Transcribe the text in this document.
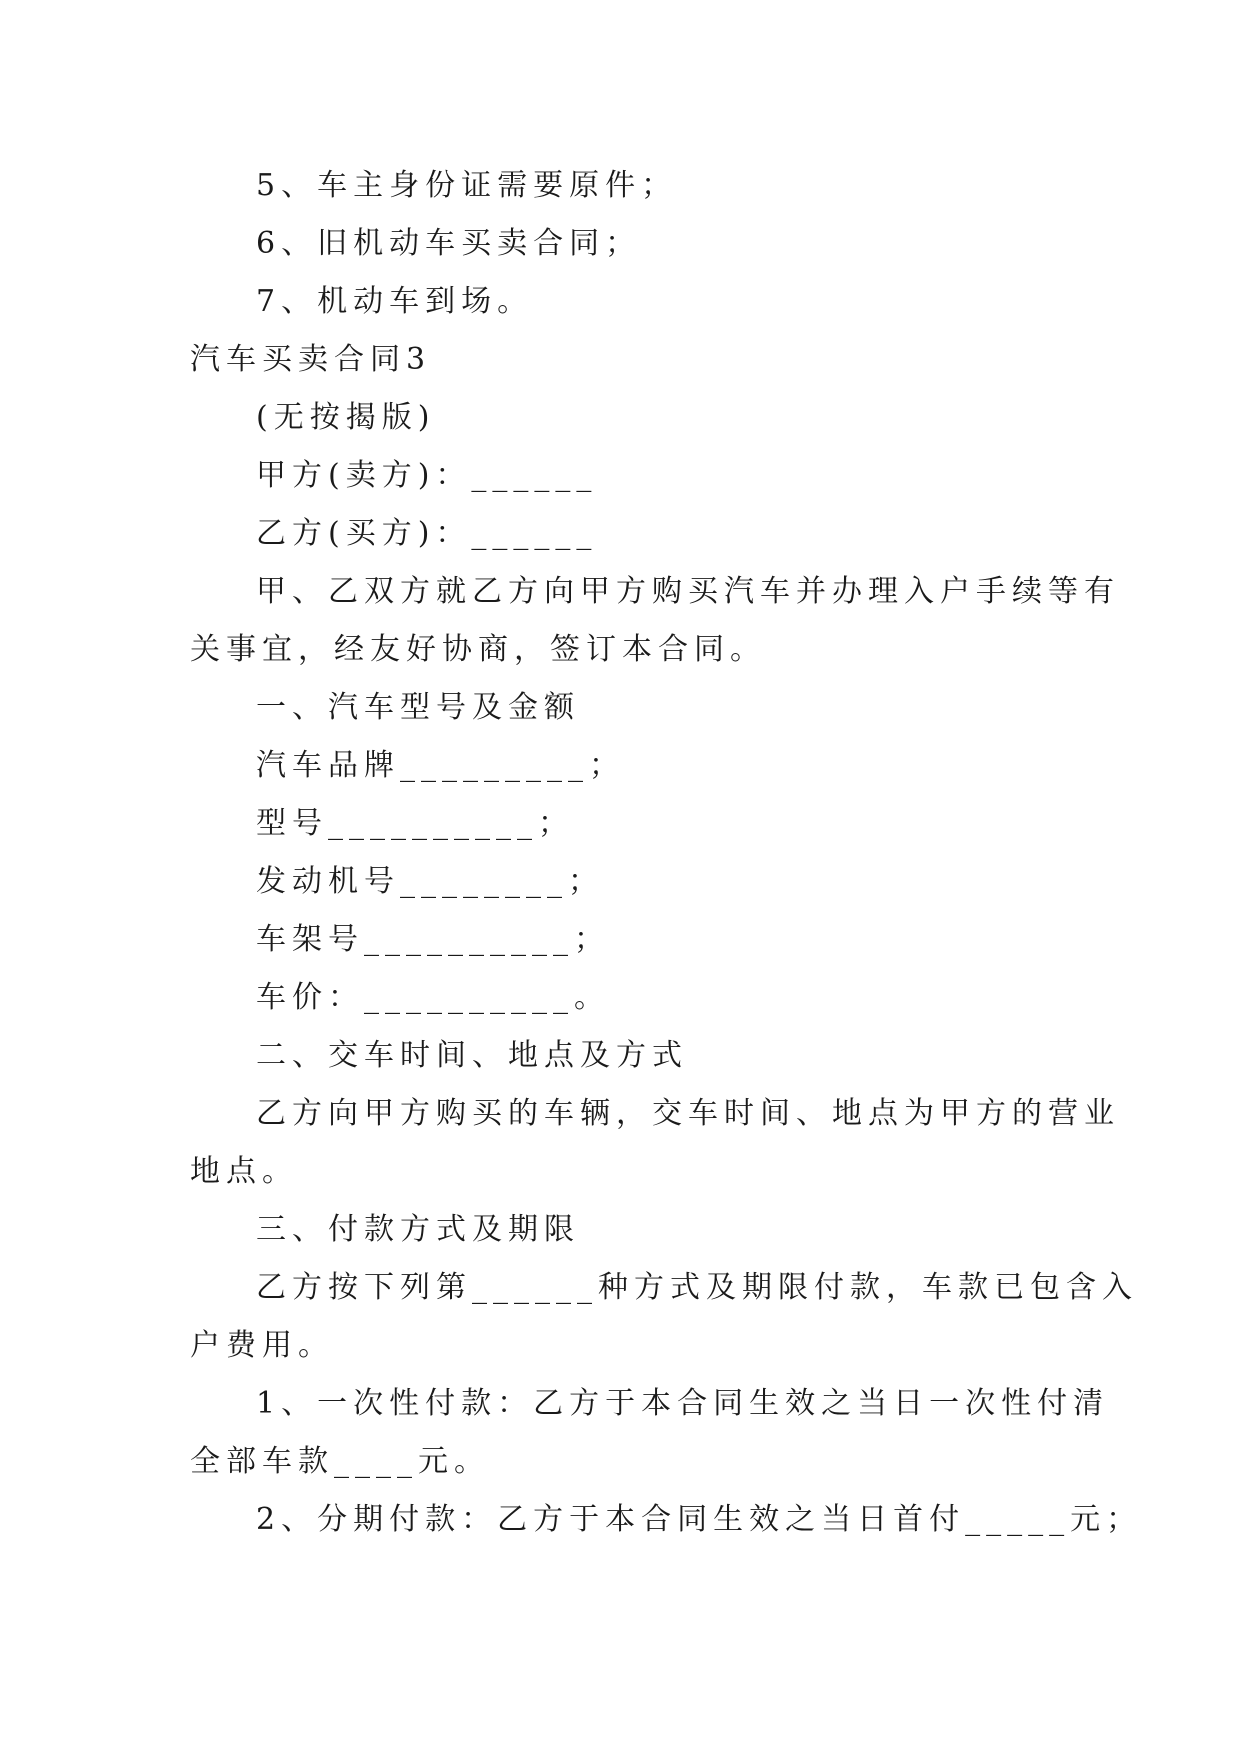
5、车主身份证需要原件；
6、旧机动车买卖合同；
7、机动车到场。
汽车买卖合同3
(无按揭版)
甲方(卖方)：______
乙方(买方)：______
甲、乙双方就乙方向甲方购买汽车并办理入户手续等有
关事宜，经友好协商，签订本合同。
一、汽车型号及金额
汽车品牌_________；
型号__________；
发动机号________；
车架号__________；
车价：__________。
二、交车时间、地点及方式
乙方向甲方购买的车辆，交车时间、地点为甲方的营业
地点。
三、付款方式及期限
乙方按下列第______种方式及期限付款，车款已包含入
户费用。
1、一次性付款：乙方于本合同生效之当日一次性付清
全部车款____元。
2、分期付款：乙方于本合同生效之当日首付_____元；
